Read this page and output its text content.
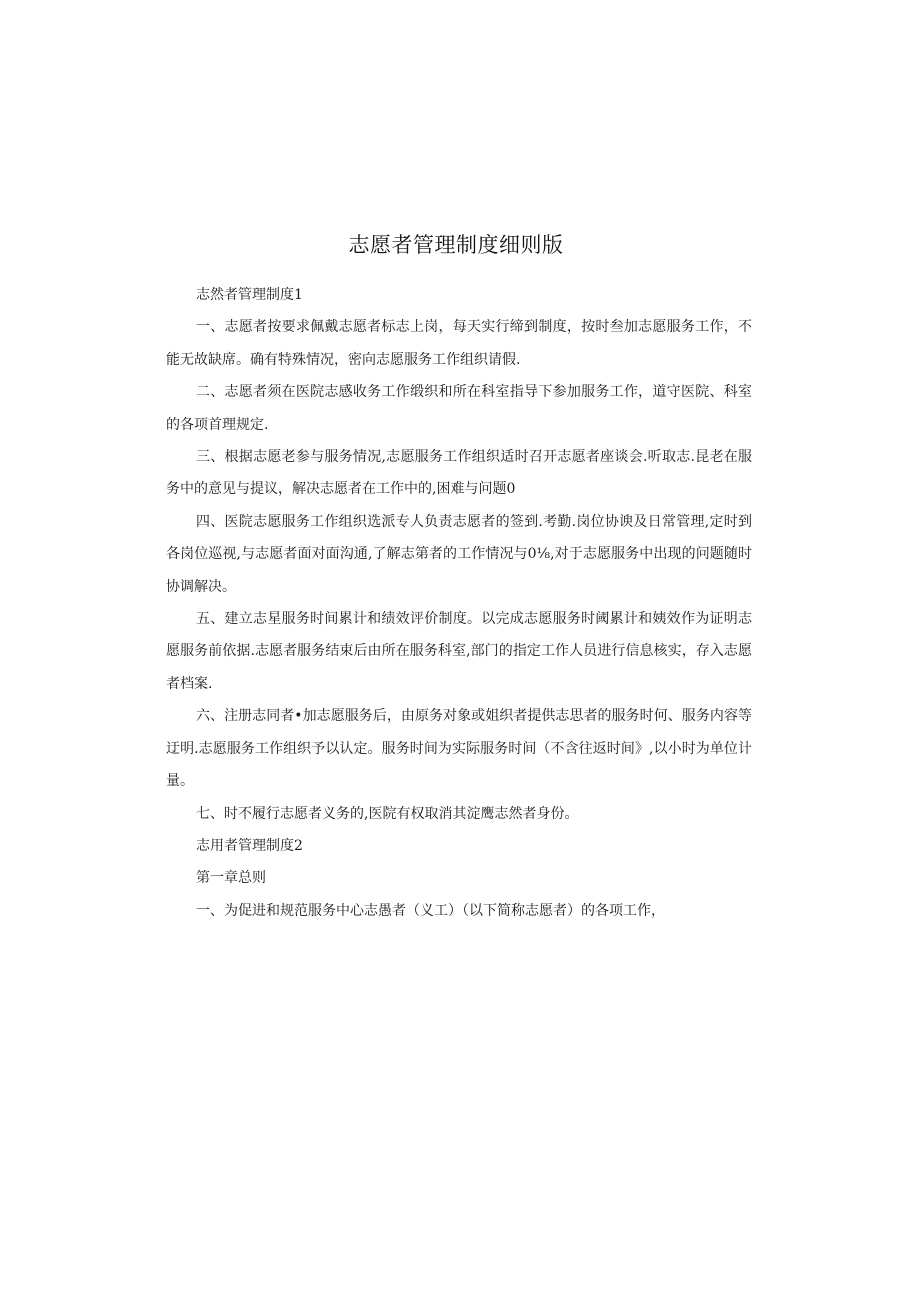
志愿者管理制度细则版

志然者管理制度1

一、志愿者按要求佩戴志愿者标志上岗，每天实行缔到制度，按时叁加志愿服务工作，不能无故缺席。确有特殊情况，密向志愿服务工作组织请假.

二、志愿者须在医院志感收务工作缎织和所在科室指导下参加服务工作，道守医院、科室的各项首理规定.

三、根据志愿老参与服务情况,志愿服务工作组织适时召开志愿者座谈会.听取志.昆老在服务中的意见与提议，解决志愿者在工作中的,困难与问题0

四、医院志愿服务工作组织选派专人负责志愿者的签到.考勤.岗位协谀及日常管理,定时到各岗位巡视,与志愿者面对面沟通,了解志第者的工作情况与0⅛,对于志愿服务中出现的问题随时协调解决。

五、建立志星服务时间累计和绩效评价制度。以完成志愿服务时阈累计和姨效作为证明志愿服务前依据.志愿者服务结束后由所在服务科室,部门的指定工作人员进行信息核实，存入志愿者档案.

六、注册志同者•加志愿服务后，由原务对象或姐织者提供志思者的服务时何、服务内容等迂明.志愿服务工作组织予以认定。服务时间为实际服务时间（不含往返时间》,以小时为单位计量。

七、时不履行志愿者义务的,医院有权取消其淀鹰志然者身份。

志用者管理制度2

第一章总则

一、为促进和规范服务中心志愚者（义工）（以下简称志愿者）的各项工作，
